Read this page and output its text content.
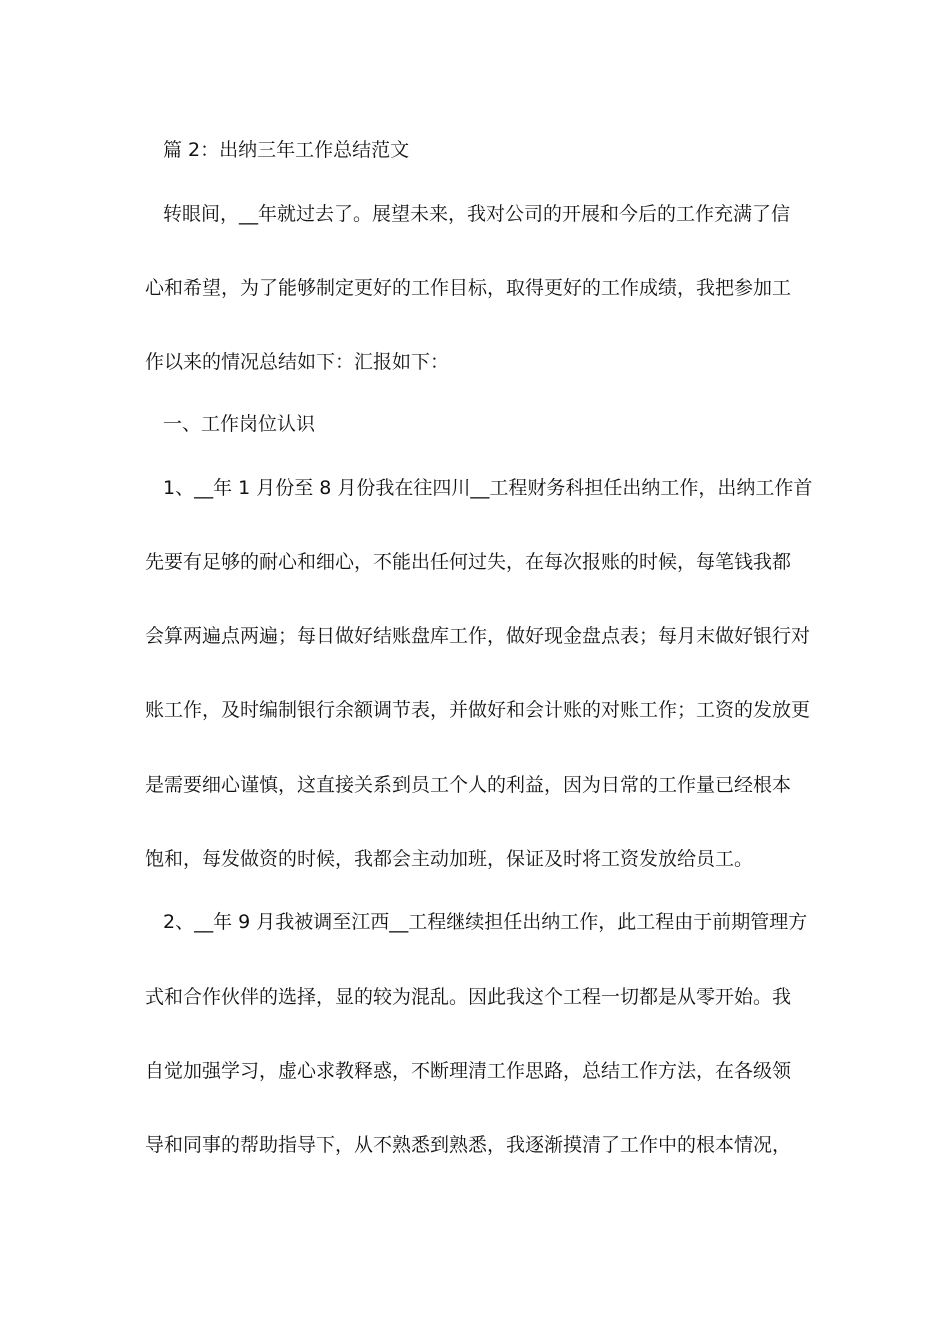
篇 2：出纳三年工作总结范文
转眼间，__年就过去了。展望未来，我对公司的开展和今后的工作充满了信
心和希望，为了能够制定更好的工作目标，取得更好的工作成绩，我把参加工
作以来的情况总结如下：汇报如下：
一、工作岗位认识
1、__年 1 月份至 8 月份我在往四川__工程财务科担任出纳工作，出纳工作首
先要有足够的耐心和细心，不能出任何过失，在每次报账的时候，每笔钱我都
会算两遍点两遍；每日做好结账盘库工作，做好现金盘点表；每月末做好银行对
账工作，及时编制银行余额调节表，并做好和会计账的对账工作；工资的发放更
是需要细心谨慎，这直接关系到员工个人的利益，因为日常的工作量已经根本
饱和，每发做资的时候，我都会主动加班，保证及时将工资发放给员工。
2、__年 9 月我被调至江西__工程继续担任出纳工作，此工程由于前期管理方
式和合作伙伴的选择，显的较为混乱。因此我这个工程一切都是从零开始。我
自觉加强学习，虚心求教释惑，不断理清工作思路，总结工作方法，在各级领
导和同事的帮助指导下，从不熟悉到熟悉，我逐渐摸清了工作中的根本情况，
